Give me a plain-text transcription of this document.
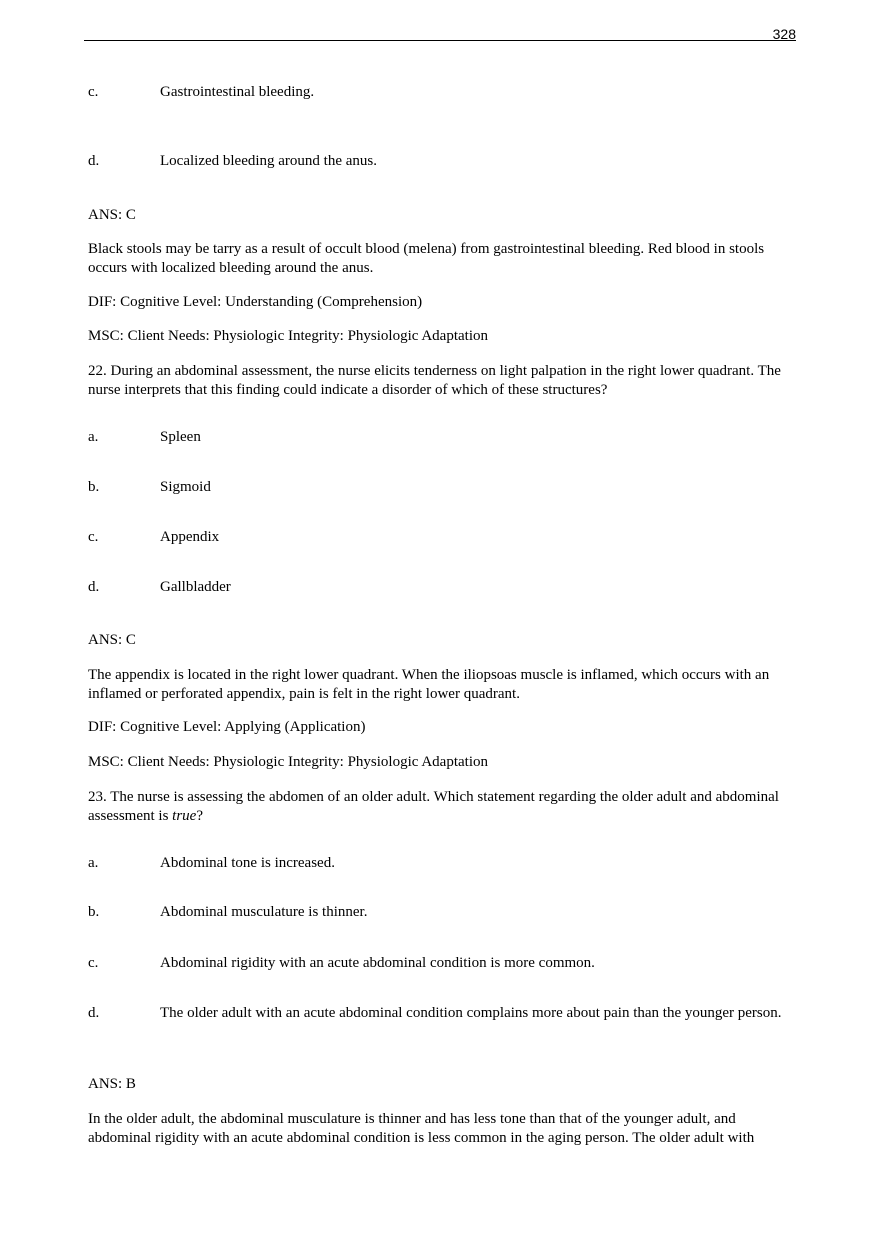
328
c.	Gastrointestinal bleeding.
d.	Localized bleeding around the anus.

ANS: C

Black stools may be tarry as a result of occult blood (melena) from gastrointestinal bleeding. Red blood in stools occurs with localized bleeding around the anus.

DIF: Cognitive Level: Understanding (Comprehension)

MSC: Client Needs: Physiologic Integrity: Physiologic Adaptation

22. During an abdominal assessment, the nurse elicits tenderness on light palpation in the right lower quadrant. The nurse interprets that this finding could indicate a disorder of which of these structures?

a.	Spleen
b.	Sigmoid
c.	Appendix
d.	Gallbladder

ANS: C

The appendix is located in the right lower quadrant. When the iliopsoas muscle is inflamed, which occurs with an inflamed or perforated appendix, pain is felt in the right lower quadrant.

DIF: Cognitive Level: Applying (Application)

MSC: Client Needs: Physiologic Integrity: Physiologic Adaptation

23. The nurse is assessing the abdomen of an older adult. Which statement regarding the older adult and abdominal assessment is true?

a.	Abdominal tone is increased.
b.	Abdominal musculature is thinner.
c.	Abdominal rigidity with an acute abdominal condition is more common.
d.	The older adult with an acute abdominal condition complains more about pain than the younger person.

ANS: B

In the older adult, the abdominal musculature is thinner and has less tone than that of the younger adult, and abdominal rigidity with an acute abdominal condition is less common in the aging person. The older adult with
